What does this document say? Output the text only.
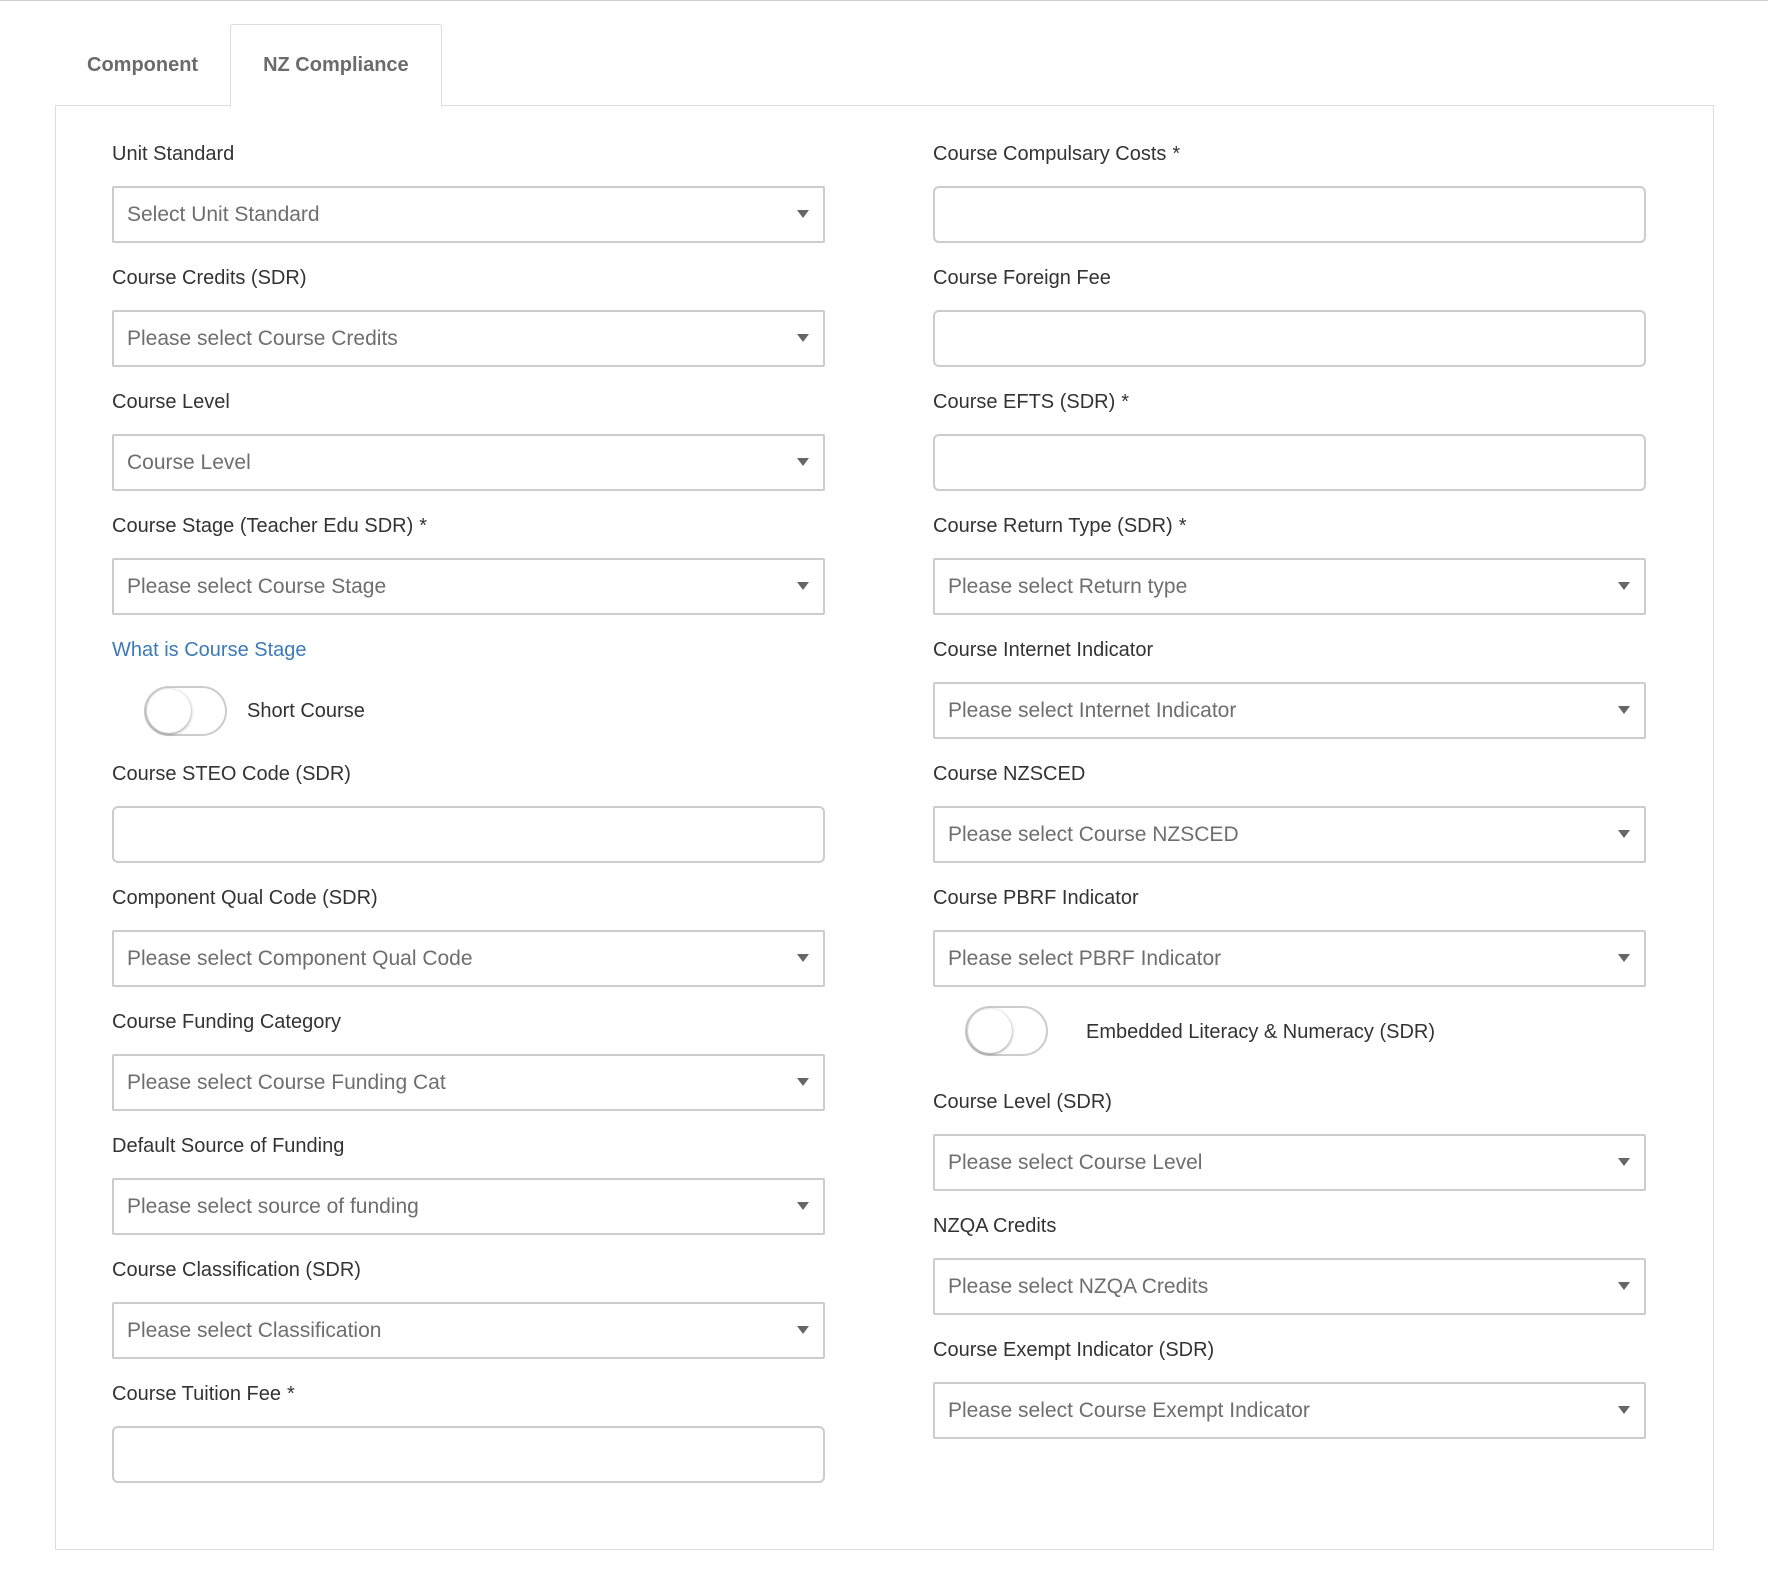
Component	NZ Compliance
Unit Standard
Select Unit Standard
Course Credits (SDR)
Please select Course Credits
Course Level
Course Level
Course Stage (Teacher Edu SDR) *
Please select Course Stage
What is Course Stage
Short Course
Course STEO Code (SDR)
Component Qual Code (SDR)
Please select Component Qual Code
Course Funding Category
Please select Course Funding Cat
Default Source of Funding
Please select source of funding
Course Classification (SDR)
Please select Classification
Course Tuition Fee *
Course Compulsary Costs *
Course Foreign Fee
Course EFTS (SDR) *
Course Return Type (SDR) *
Please select Return type
Course Internet Indicator
Please select Internet Indicator
Course NZSCED
Please select Course NZSCED
Course PBRF Indicator
Please select PBRF Indicator
Embedded Literacy & Numeracy (SDR)
Course Level (SDR)
Please select Course Level
NZQA Credits
Please select NZQA Credits
Course Exempt Indicator (SDR)
Please select Course Exempt Indicator
